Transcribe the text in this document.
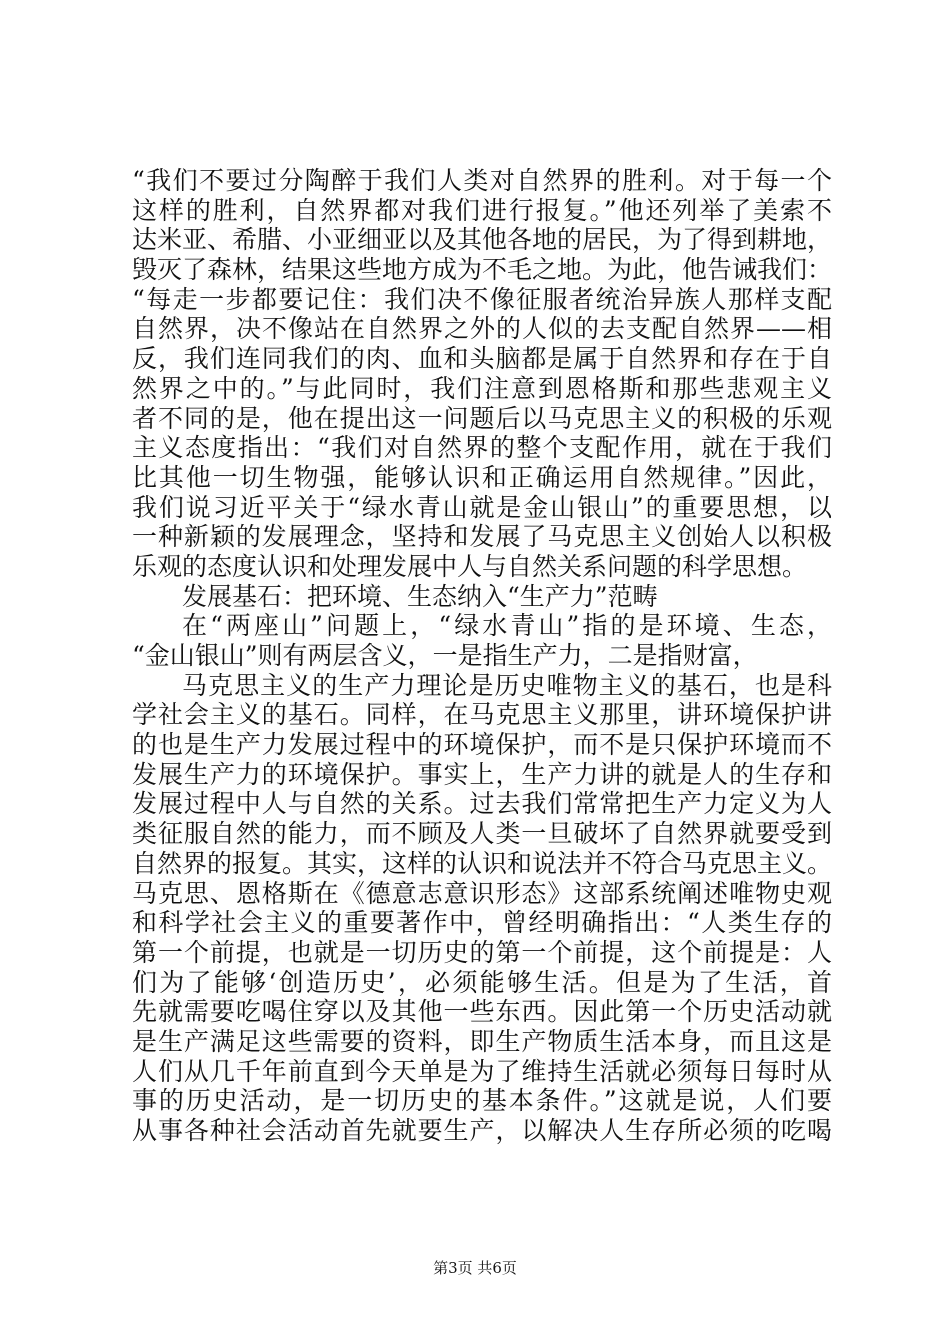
“我们不要过分陶醉于我们人类对自然界的胜利。对于每一个
这样的胜利，自然界都对我们进行报复。”他还列举了美索不
达米亚、希腊、小亚细亚以及其他各地的居民，为了得到耕地，
毁灭了森林，结果这些地方成为不毛之地。为此，他告诫我们：
“每走一步都要记住：我们决不像征服者统治异族人那样支配
自然界，决不像站在自然界之外的人似的去支配自然界——相
反，我们连同我们的肉、血和头脑都是属于自然界和存在于自
然界之中的。”与此同时，我们注意到恩格斯和那些悲观主义
者不同的是，他在提出这一问题后以马克思主义的积极的乐观
主义态度指出：“我们对自然界的整个支配作用，就在于我们
比其他一切生物强，能够认识和正确运用自然规律。”因此，
我们说习近平关于“绿水青山就是金山银山”的重要思想，以
一种新颖的发展理念，坚持和发展了马克思主义创始人以积极
乐观的态度认识和处理发展中人与自然关系问题的科学思想。
发展基石：把环境、生态纳入“生产力”范畴
在“两座山”问题上，“绿水青山”指的是环境、生态，
“金山银山”则有两层含义，一是指生产力，二是指财富，
马克思主义的生产力理论是历史唯物主义的基石，也是科
学社会主义的基石。同样，在马克思主义那里，讲环境保护讲
的也是生产力发展过程中的环境保护，而不是只保护环境而不
发展生产力的环境保护。事实上，生产力讲的就是人的生存和
发展过程中人与自然的关系。过去我们常常把生产力定义为人
类征服自然的能力，而不顾及人类一旦破坏了自然界就要受到
自然界的报复。其实，这样的认识和说法并不符合马克思主义。
马克思、恩格斯在《德意志意识形态》这部系统阐述唯物史观
和科学社会主义的重要著作中，曾经明确指出：“人类生存的
第一个前提，也就是一切历史的第一个前提，这个前提是：人
们为了能够‘创造历史’，必须能够生活。但是为了生活，首
先就需要吃喝住穿以及其他一些东西。因此第一个历史活动就
是生产满足这些需要的资料，即生产物质生活本身，而且这是
人们从几千年前直到今天单是为了维持生活就必须每日每时从
事的历史活动，是一切历史的基本条件。”这就是说，人们要
从事各种社会活动首先就要生产，以解决人生存所必须的吃喝
第3页 共6页
